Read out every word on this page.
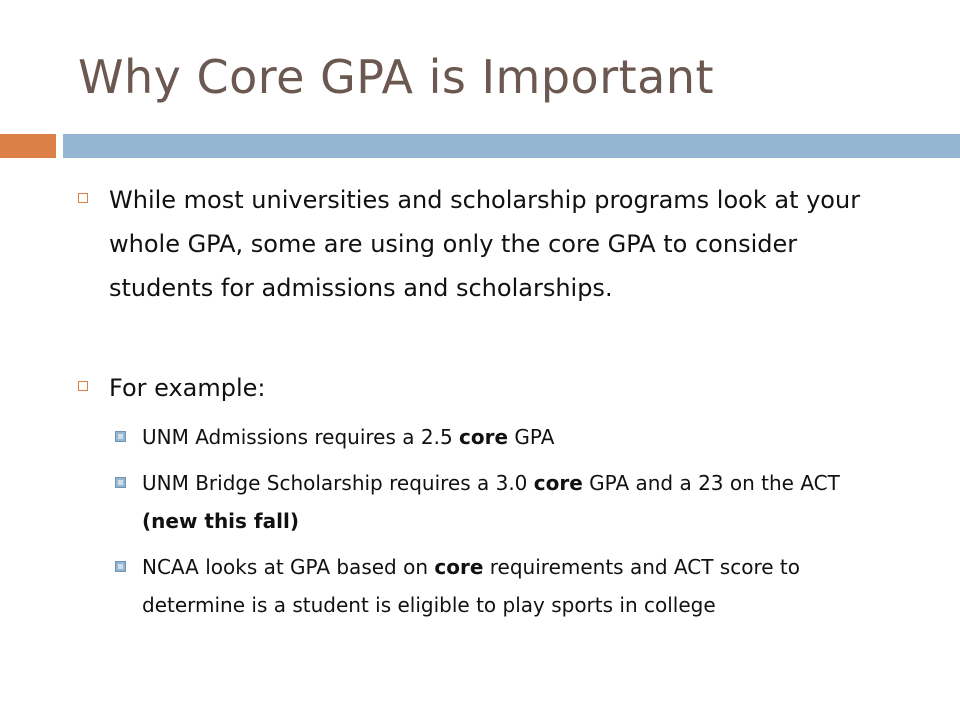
Why Core GPA is Important
While most universities and scholarship programs look at your whole GPA, some are using only the core GPA to consider students for admissions and scholarships.
For example:
UNM Admissions requires a 2.5 core GPA
UNM Bridge Scholarship requires a 3.0 core GPA and a 23 on the ACT (new this fall)
NCAA looks at GPA based on core requirements and ACT score to determine is a student is eligible to play sports in college
